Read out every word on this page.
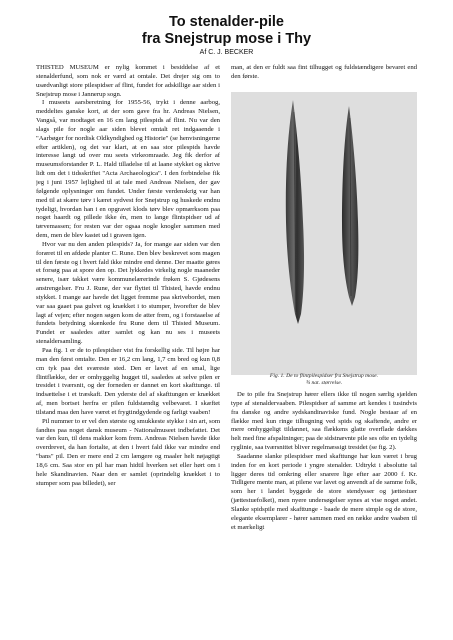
To stenalder-pile
fra Snejstrup mose i Thy
Af C. J. BECKER

THISTED MUSEUM er nylig kommet i besiddelse af et stenalderfund, som nok er værd at omtale. Det drejer sig om to usædvanligt store pilespidser af flint, fundet for adskillige aar siden i Snejstrup mose i Jannerup sogn.

I museets aarsberetning for 1955-56, trykt i denne aarbog, meddeltes ganske kort, at der som gave fra hr. Andreas Nielsen, Vangså, var modtaget en 16 cm lang pilespids af flint. Nu var den slags pile for nogle aar siden blevet omtalt ret indgaaende i "Aarbøger for nordisk Oldkyndighed og Historie" (se henvisningerne efter artiklen), og det var klart, at en saa stor pilespids havde interesse langt ud over mu seets virkeomraade. Jeg fik derfor af museumsforstander P. L. Hald tilladelse til at laane stykket og skrive lidt om det i tidsskriftet "Acta Archaeologica". I den forbindelse fik jeg i juni 1957 lejlighed til at tale med Andreas Nielsen, der gav følgende oplysninger om fundet. Under første verdenskrig var han med til at skære tørv i kæret sydvest for Snejstrup og huskede endnu tydeligt, hvordan han i en opgravet klods tørv blev opmærksom paa noget haardt og pillede ikke én, men to lange flintspidser ud af tørvemassen; for resten var der ogsaa nogle knogler sammen med dem, men de blev kastet ud i graven igen.

Hvor var nu den anden pilespids? Ja, for mange aar siden var den foræret til en afdøde planter C. Rune. Den blev beskrevet som magen til den første og i hvert fald ikke mindre end denne. Der maatte gøres et forsøg paa at spore den op. Det lykkedes virkelig nogle maaneder senere, især takket være kommunelærerinde frøken S. Gjødesens anstrengelser. Fru J. Rune, der var flyttet til Thisted, havde endnu stykket. I mange aar havde det ligget fremme paa skrivebordet, men var saa gaaet paa gulvet og knækket i to stumper, hvorefter de blev lagt af vejen; efter nogen søgen kom de atter frem, og i forstaaelse af fundets betydning skænkede fru Rune dem til Thisted Museum. Fundet er saaledes atter samlet og kan nu ses i museets stenaldersamling.

Paa fig. 1 er de to pilespidser vist fra forskellig side. Til højre har man den først omtalte. Den er 16,2 cm lang, 1,7 cm bred og kun 0,8 cm tyk paa det sværeste sted. Den er lavet af en smal, lige flintflække, der er omhyggelig hugget til, saaledes at selve pilen er tresidet i tværsnit, og der forneden er dannet en kort skafttunge. til indsættelse i et træskaft. Den yderste del af skafttungen er knækket af, men bortset herfra er pilen fuldstændig velbevaret. I skæftet tilstand maa den have været et frygtindgydende og farligt vaaben!

Pil nummer to er vel den største og smukkeste stykke i sin art, som fandtes paa noget dansk museum - Nationalmuseet indbefattet. Det var den kun, til dens makker kom frem. Andreas Nielsen havde ikke overdrevet, da han fortalte, at den i hvert fald ikke var mindre end "bans" pil. Den er mere end 2 cm længere og maaler helt nøjagtigt 18,6 cm. Saa stor en pil har man hidtil hverken set eller hørt om i hele Skandinavien. Naar den er samlet (oprindelig knækket i to stumper som paa billedet), ser

man, at den er fuldt saa fint tilhugget og fuldstændigere bevaret end den første.

Fig. 1. De to flintpilespidser fra Snejstrup mose.
¾ nat. størrelse.

De to pile fra Snejstrup hører ellers ikke til nogen særlig sjælden type af stenaldervaaben. Pilespidser af samme art kendes i tusindvis fra danske og andre sydskandinaviske fund. Nogle bestaar af en flække med kun ringe tilhugning ved spids og skaftende, andre er mere omhyggeligt tildannet, saa flækkens glatte overflade dækkes helt med fine afspaltninger; paa de sidstnævnte pile ses ofte en tydelig ryglinie, saa tværsnittet bliver regelmæssigt tresidet (se fig. 2).

Saadanne slanke pilespidser med skafttunge har kun været i brug inden for en kort periode i yngre stenalder. Udtrykt i absolutte tal ligger deres tid omkring eller snarere lige efter aar 2000 f. Kr. Tidligere mente man, at pilene var lavet og anvendt af de samme folk, som her i landet byggede de store stendysser og jættestuer (jættestuefolket), men nyere undersøgelser synes at vise noget andet. Slanke spidspile med skafttunge - baade de mere simple og de store, elegante eksemplarer - hører sammen med en række andre vaaben til et mærkeligt
